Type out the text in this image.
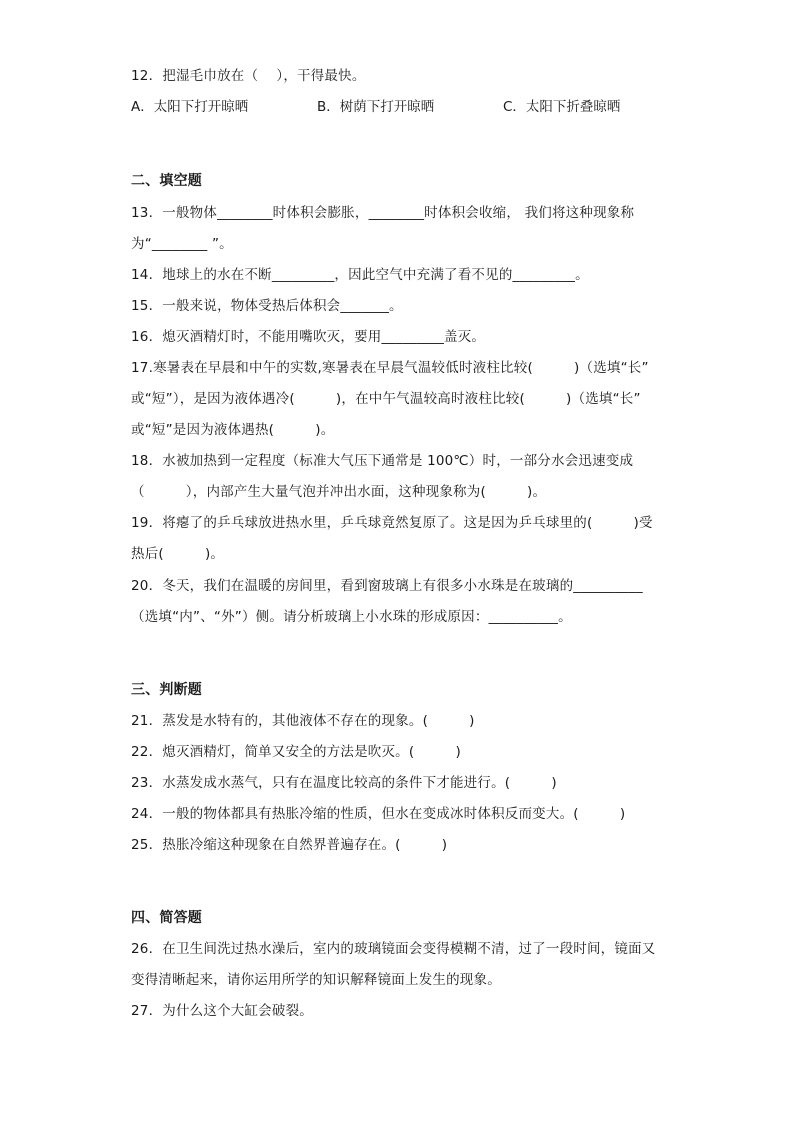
12．把湿毛巾放在（　 ），干得最快。
A．太阳下打开晾晒	B．树荫下打开晾晒	C．太阳下折叠晾晒
二、填空题
13．一般物体________时体积会膨胀，________时体积会收缩， 我们将这种现象称
为“________ ”。
14．地球上的水在不断_________，因此空气中充满了看不见的_________。
15．一般来说，物体受热后体积会_______。
16．熄灭酒精灯时，不能用嘴吹灭，要用_________盖灭。
17.寒暑表在早晨和中午的实数,寒暑表在早晨气温较低时液柱比较(　　　)（选填“长”
或“短”），是因为液体遇冷(　　　)，在中午气温较高时液柱比较(　　　)（选填“长”
或“短”是因为液体遇热(　　　)。
18．水被加热到一定程度（标准大气压下通常是 100℃）时，一部分水会迅速变成
（　　　），内部产生大量气泡并冲出水面，这种现象称为(　　　)。
19．将瘪了的乒乓球放进热水里，乒乓球竟然复原了。这是因为乒乓球里的(　　　)受
热后(　　　)。
20．冬天，我们在温暖的房间里，看到窗玻璃上有很多小水珠是在玻璃的__________
（选填“内”、“外”）侧。请分析玻璃上小水珠的形成原因：__________。
三、判断题
21．蒸发是水特有的，其他液体不存在的现象。(　　　)
22．熄灭酒精灯，简单又安全的方法是吹灭。(　　　)
23．水蒸发成水蒸气，只有在温度比较高的条件下才能进行。(　　　)
24．一般的物体都具有热胀冷缩的性质，但水在变成冰时体积反而变大。(　　　)
25．热胀冷缩这种现象在自然界普遍存在。(　　　)
四、简答题
26．在卫生间洗过热水澡后，室内的玻璃镜面会变得模糊不清，过了一段时间，镜面又
变得清晰起来，请你运用所学的知识解释镜面上发生的现象。
27．为什么这个大缸会破裂。
